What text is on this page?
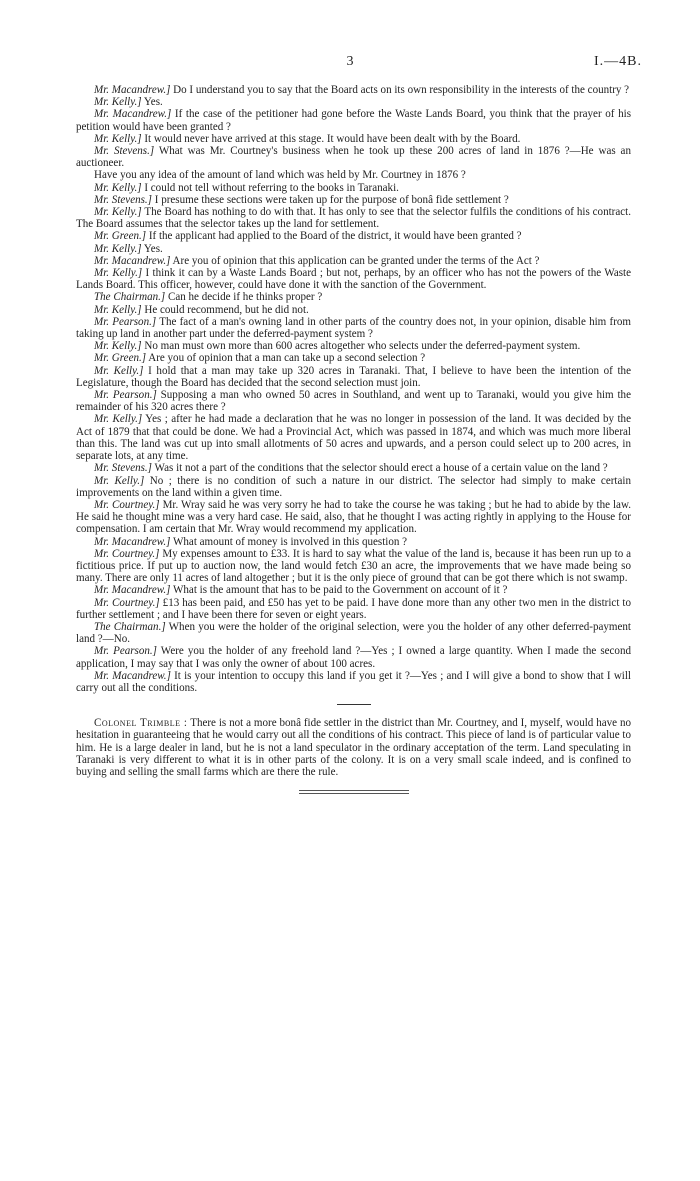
3	I.—4B.

Mr. Macandrew.] Do I understand you to say that the Board acts on its own responsibility in the interests of the country ?

Mr. Kelly.] Yes.

Mr. Macandrew.] If the case of the petitioner had gone before the Waste Lands Board, you think that the prayer of his petition would have been granted ?

Mr. Kelly.] It would never have arrived at this stage. It would have been dealt with by the Board.

Mr. Stevens.] What was Mr. Courtney's business when he took up these 200 acres of land in 1876 ?—He was an auctioneer.

Have you any idea of the amount of land which was held by Mr. Courtney in 1876 ?

Mr. Kelly.] I could not tell without referring to the books in Taranaki.

Mr. Stevens.] I presume these sections were taken up for the purpose of bonâ fide settlement ?

Mr. Kelly.] The Board has nothing to do with that. It has only to see that the selector fulfils the conditions of his contract. The Board assumes that the selector takes up the land for settlement.

Mr. Green.] If the applicant had applied to the Board of the district, it would have been granted ?

Mr. Kelly.] Yes.

Mr. Macandrew.] Are you of opinion that this application can be granted under the terms of the Act ?

Mr. Kelly.] I think it can by a Waste Lands Board ; but not, perhaps, by an officer who has not the powers of the Waste Lands Board. This officer, however, could have done it with the sanction of the Government.

The Chairman.] Can he decide if he thinks proper ?

Mr. Kelly.] He could recommend, but he did not.

Mr. Pearson.] The fact of a man's owning land in other parts of the country does not, in your opinion, disable him from taking up land in another part under the deferred-payment system ?

Mr. Kelly.] No man must own more than 600 acres altogether who selects under the deferred-payment system.

Mr. Green.] Are you of opinion that a man can take up a second selection ?

Mr. Kelly.] I hold that a man may take up 320 acres in Taranaki. That, I believe to have been the intention of the Legislature, though the Board has decided that the second selection must join.

Mr. Pearson.] Supposing a man who owned 50 acres in Southland, and went up to Taranaki, would you give him the remainder of his 320 acres there ?

Mr. Kelly.] Yes ; after he had made a declaration that he was no longer in possession of the land. It was decided by the Act of 1879 that that could be done. We had a Provincial Act, which was passed in 1874, and which was much more liberal than this. The land was cut up into small allotments of 50 acres and upwards, and a person could select up to 200 acres, in separate lots, at any time.

Mr. Stevens.] Was it not a part of the conditions that the selector should erect a house of a certain value on the land ?

Mr. Kelly.] No ; there is no condition of such a nature in our district. The selector had simply to make certain improvements on the land within a given time.

Mr. Courtney.] Mr. Wray said he was very sorry he had to take the course he was taking ; but he had to abide by the law. He said he thought mine was a very hard case. He said, also, that he thought I was acting rightly in applying to the House for compensation. I am certain that Mr. Wray would recommend my application.

Mr. Macandrew.] What amount of money is involved in this question ?

Mr. Courtney.] My expenses amount to £33. It is hard to say what the value of the land is, because it has been run up to a fictitious price. If put up to auction now, the land would fetch £30 an acre, the improvements that we have made being so many. There are only 11 acres of land altogether ; but it is the only piece of ground that can be got there which is not swamp.

Mr. Macandrew.] What is the amount that has to be paid to the Government on account of it ?

Mr. Courtney.] £13 has been paid, and £50 has yet to be paid. I have done more than any other two men in the district to further settlement ; and I have been there for seven or eight years.

The Chairman.] When you were the holder of the original selection, were you the holder of any other deferred-payment land ?—No.

Mr. Pearson.] Were you the holder of any freehold land ?—Yes ; I owned a large quantity. When I made the second application, I may say that I was only the owner of about 100 acres.

Mr. Macandrew.] It is your intention to occupy this land if you get it ?—Yes ; and I will give a bond to show that I will carry out all the conditions.

Colonel Trimble : There is not a more bonâ fide settler in the district than Mr. Courtney, and I, myself, would have no hesitation in guaranteeing that he would carry out all the conditions of his contract. This piece of land is of particular value to him. He is a large dealer in land, but he is not a land speculator in the ordinary acceptation of the term. Land speculating in Taranaki is very different to what it is in other parts of the colony. It is on a very small scale indeed, and is confined to buying and selling the small farms which are there the rule.
